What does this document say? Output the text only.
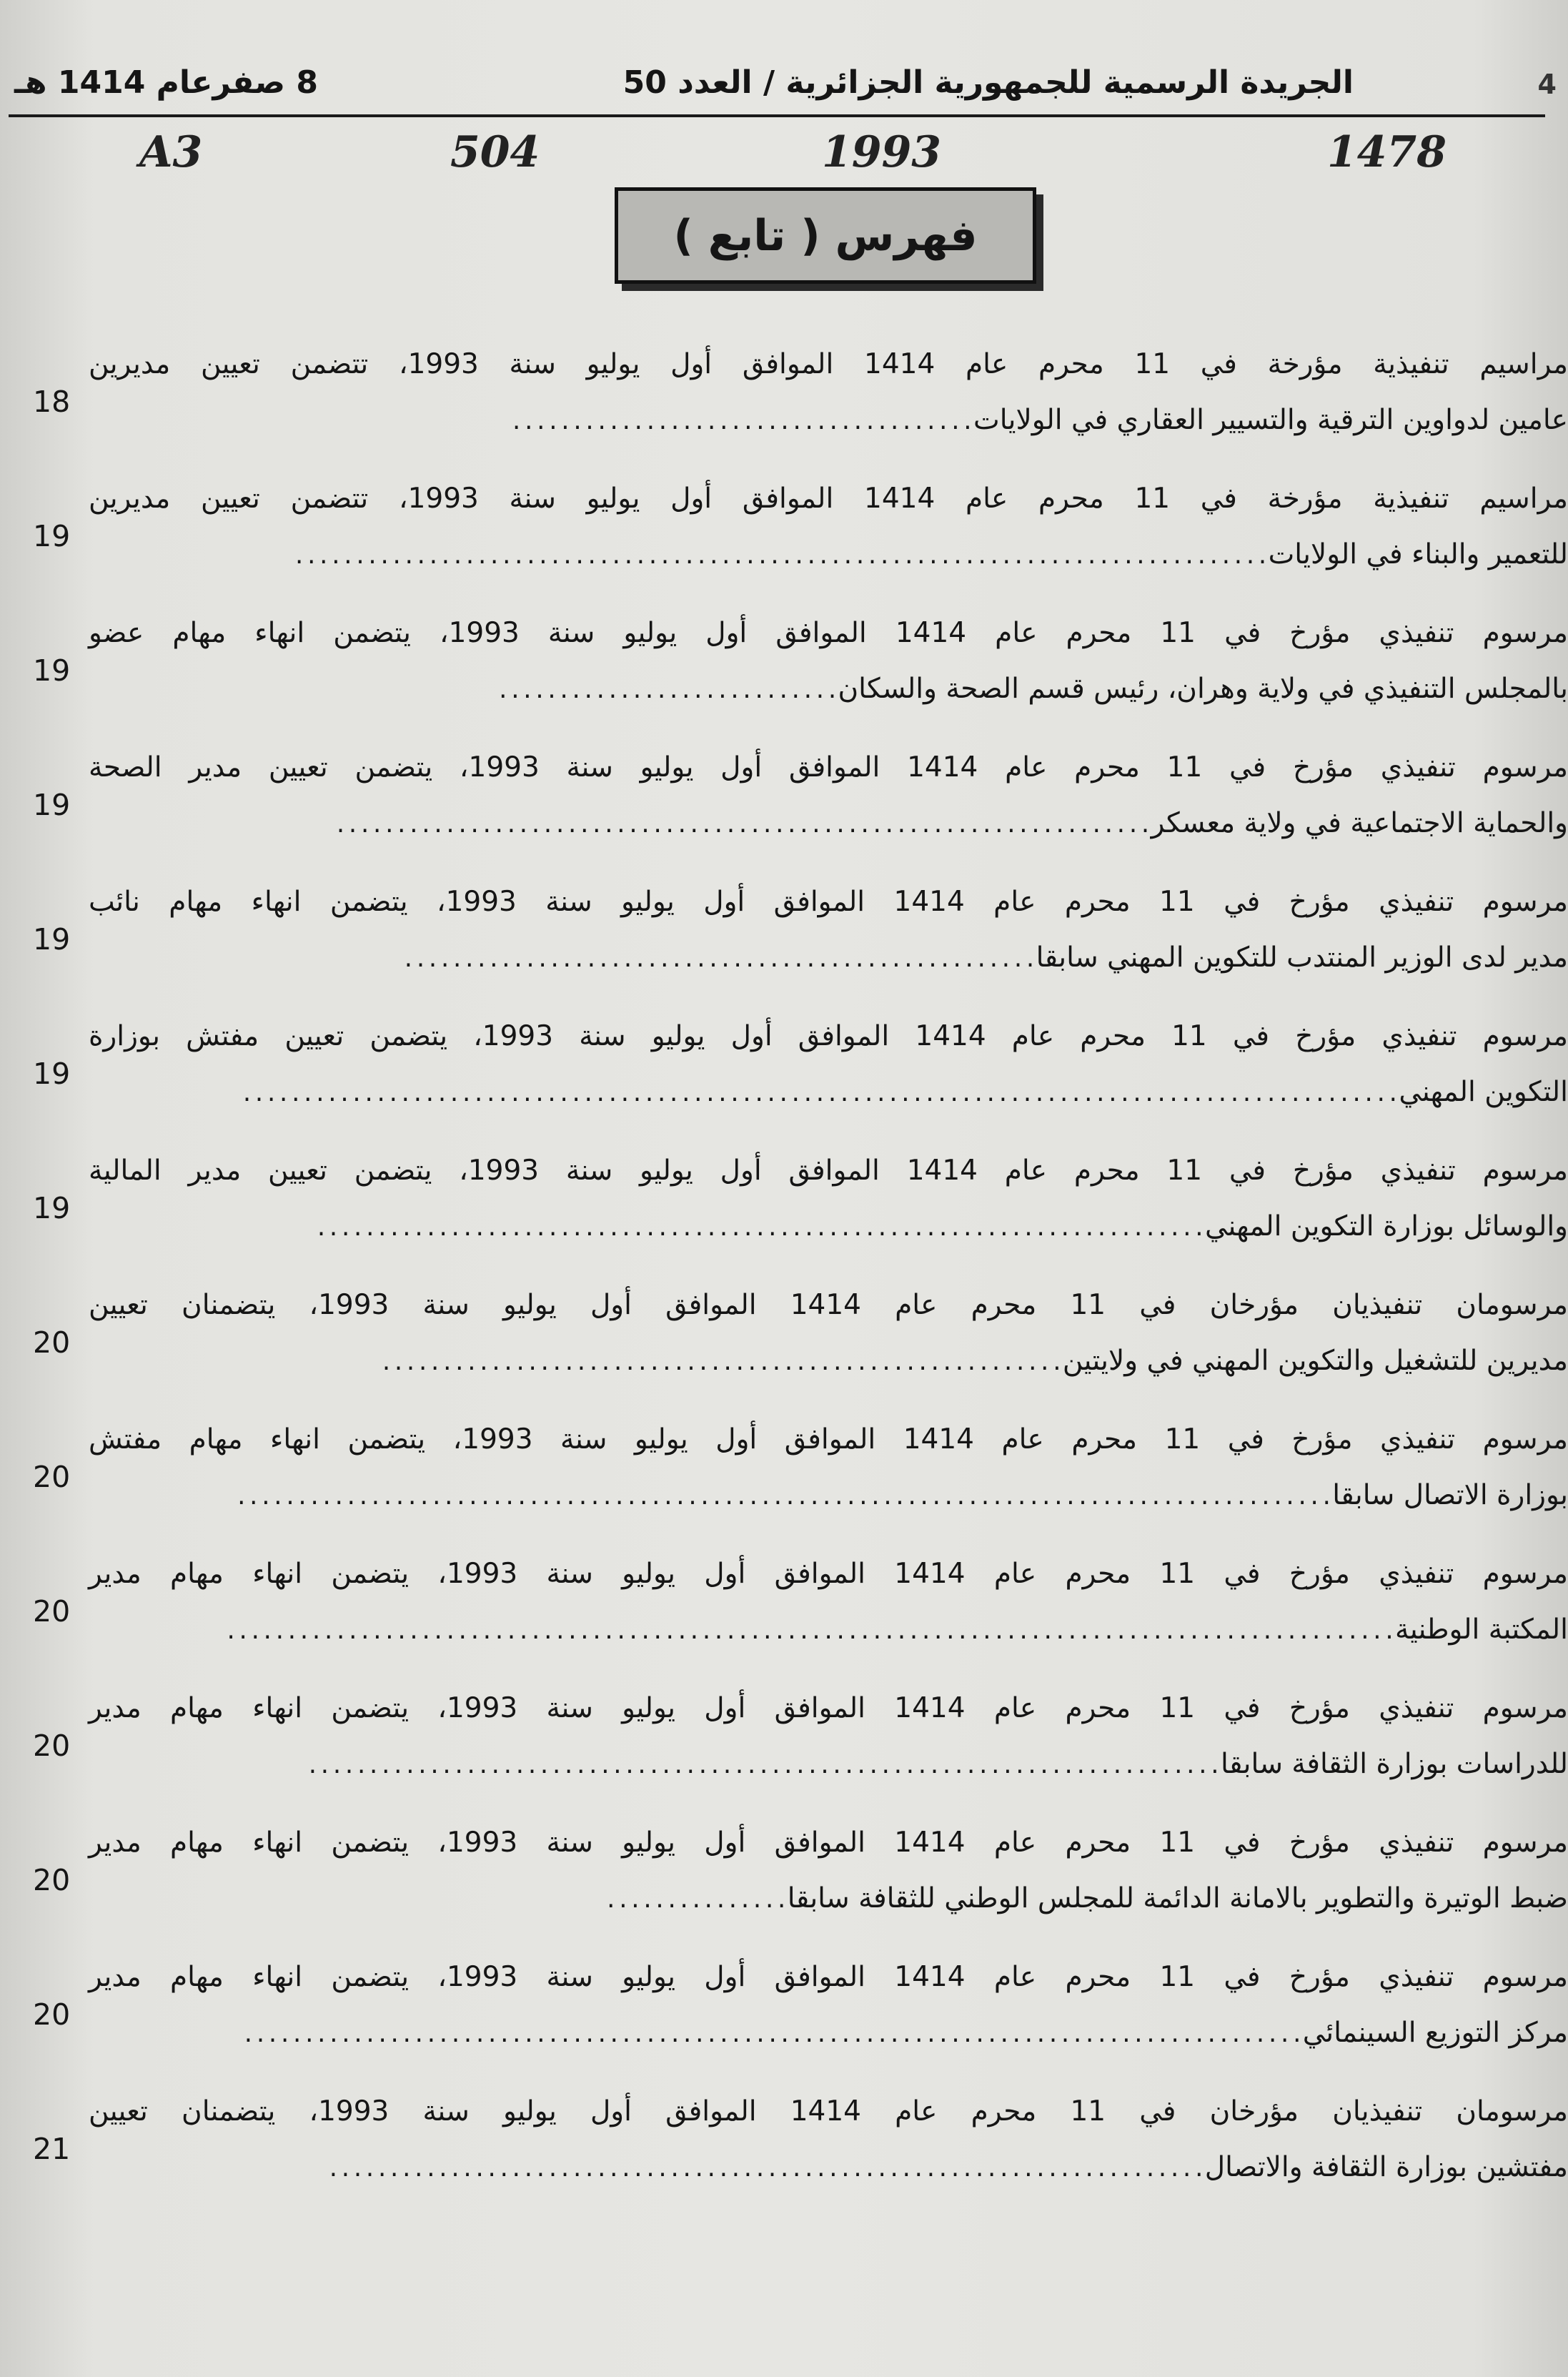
4
الجريدة الرسمية للجمهورية الجزائرية / العدد 50
8 صفرعام 1414 هـ
1478
1993
504
A3
فهرس ( تابع )
مراسيم تنفيذية مؤرخة في 11 محرم عام 1414 الموافق أول يوليو سنة 1993، تتضمن تعيين مديرين
عامين لدواوين الترقية والتسيير العقاري في الولايات
......................................
18
مراسيم تنفيذية مؤرخة في 11 محرم عام 1414 الموافق أول يوليو سنة 1993، تتضمن تعيين مديرين
للتعمير والبناء في الولايات
................................................................................
19
مرسوم تنفيذي مؤرخ في 11 محرم عام 1414 الموافق أول يوليو سنة 1993، يتضمن انهاء مهام عضو
بالمجلس التنفيذي في ولاية وهران، رئيس قسم الصحة والسكان
............................
19
مرسوم تنفيذي مؤرخ في 11 محرم عام 1414 الموافق أول يوليو سنة 1993، يتضمن تعيين مدير الصحة
والحماية الاجتماعية في ولاية معسكر
...................................................................
19
مرسوم تنفيذي مؤرخ في 11 محرم عام 1414 الموافق أول يوليو سنة 1993، يتضمن انهاء مهام نائب
مدير لدى الوزير المنتدب للتكوين المهني سابقا
....................................................
19
مرسوم تنفيذي مؤرخ في 11 محرم عام 1414 الموافق أول يوليو سنة 1993، يتضمن تعيين مفتش بوزارة
التكوين المهني
...............................................................................................
19
مرسوم تنفيذي مؤرخ في 11 محرم عام 1414 الموافق أول يوليو سنة 1993، يتضمن تعيين مدير المالية
والوسائل بوزارة التكوين المهني
.........................................................................
19
مرسومان تنفيذيان مؤرخان في 11 محرم عام 1414 الموافق أول يوليو سنة 1993، يتضمنان تعيين
مديرين للتشغيل والتكوين المهني في ولايتين
........................................................
20
مرسوم تنفيذي مؤرخ في 11 محرم عام 1414 الموافق أول يوليو سنة 1993، يتضمن انهاء مهام مفتش
بوزارة الاتصال سابقا
..........................................................................................
20
مرسوم تنفيذي مؤرخ في 11 محرم عام 1414 الموافق أول يوليو سنة 1993، يتضمن انهاء مهام مدير
المكتبة الوطنية
................................................................................................
20
مرسوم تنفيذي مؤرخ في 11 محرم عام 1414 الموافق أول يوليو سنة 1993، يتضمن انهاء مهام مدير
للدراسات بوزارة الثقافة سابقا
...........................................................................
20
مرسوم تنفيذي مؤرخ في 11 محرم عام 1414 الموافق أول يوليو سنة 1993، يتضمن انهاء مهام مدير
ضبط الوتيرة والتطوير بالامانة الدائمة للمجلس الوطني للثقافة سابقا
...............
20
مرسوم تنفيذي مؤرخ في 11 محرم عام 1414 الموافق أول يوليو سنة 1993، يتضمن انهاء مهام مدير
مركز التوزيع السينمائي
.......................................................................................
20
مرسومان تنفيذيان مؤرخان في 11 محرم عام 1414 الموافق أول يوليو سنة 1993، يتضمنان تعيين
مفتشين بوزارة الثقافة والاتصال
........................................................................
21
